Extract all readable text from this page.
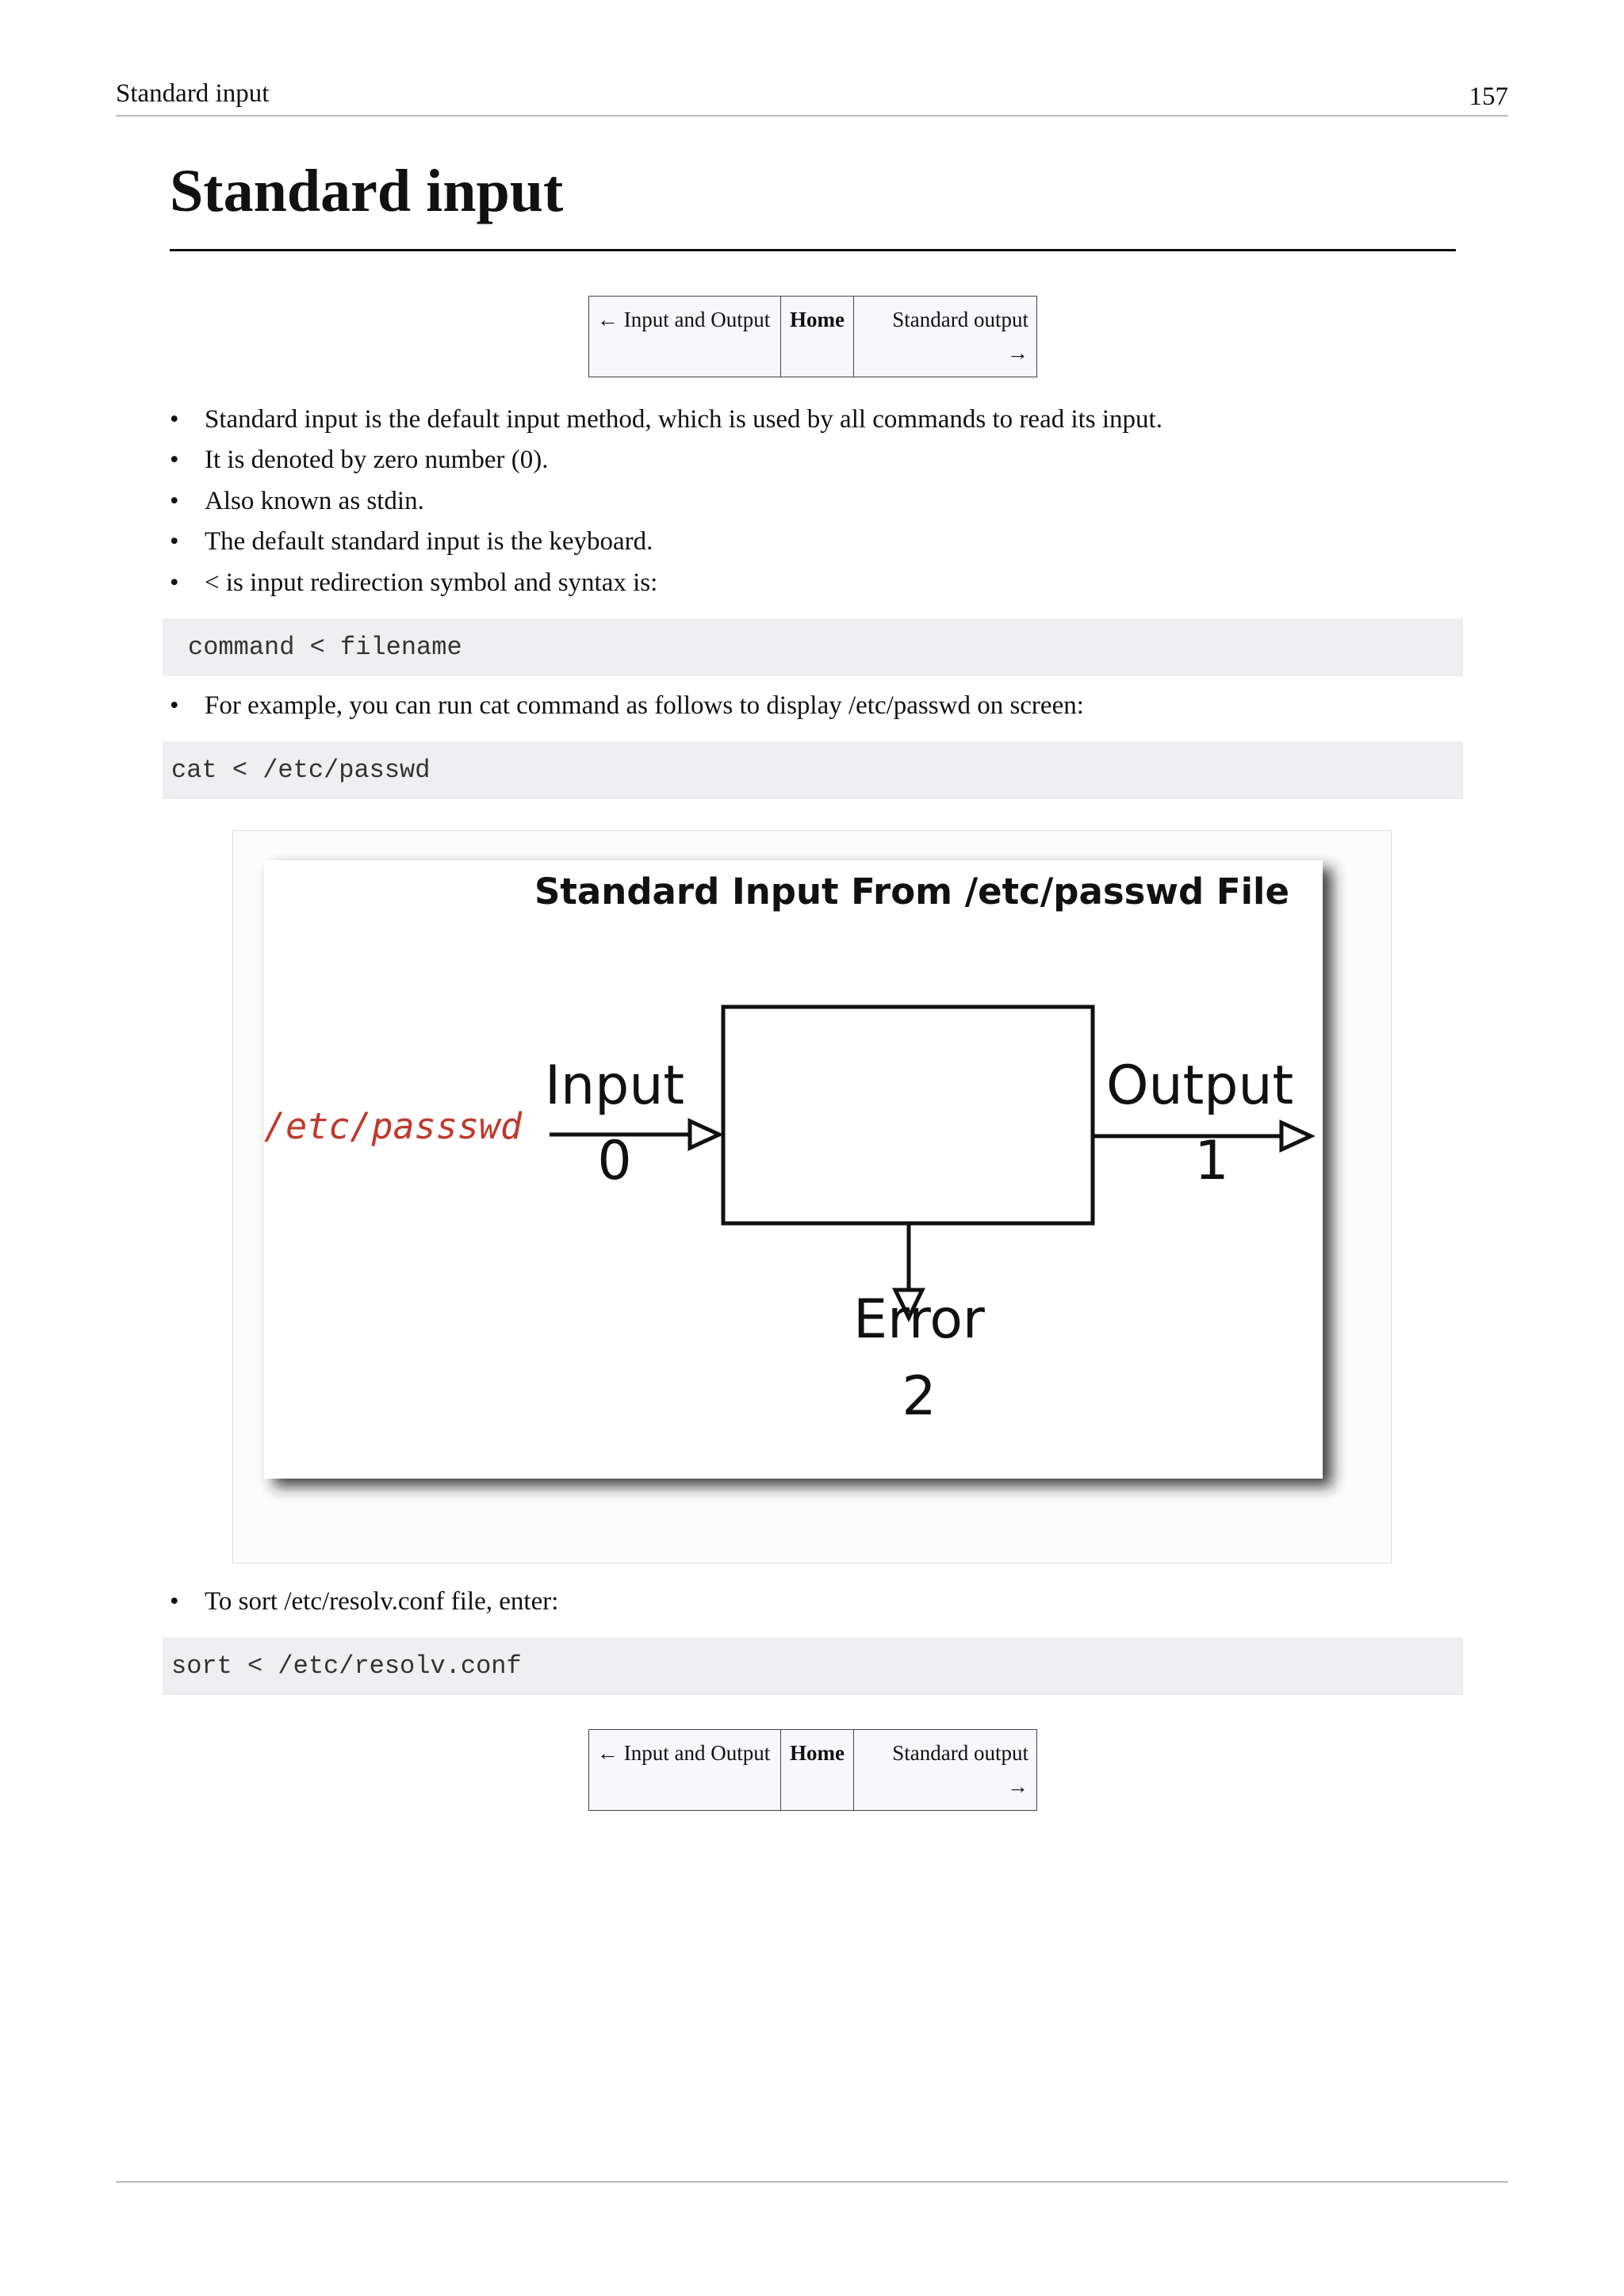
Standard input	157
Standard input
← Input and Output Home	Standard output
→
• Standard input is the default input method, which is used by all commands to read its input.
• It is denoted by zero number (0).
• Also known as stdin.
• The default standard input is the keyboard.
• < is input redirection symbol and syntax is:
command < filename
• For example, you can run cat command as follows to display /etc/passwd on screen:
cat < /etc/passwd
Standard Input From /etc/passwd File
/etc/passswd
Input
0
Output
1
Error
2
• To sort /etc/resolv.conf file, enter:
sort < /etc/resolv.conf
← Input and Output Home	Standard output
→
